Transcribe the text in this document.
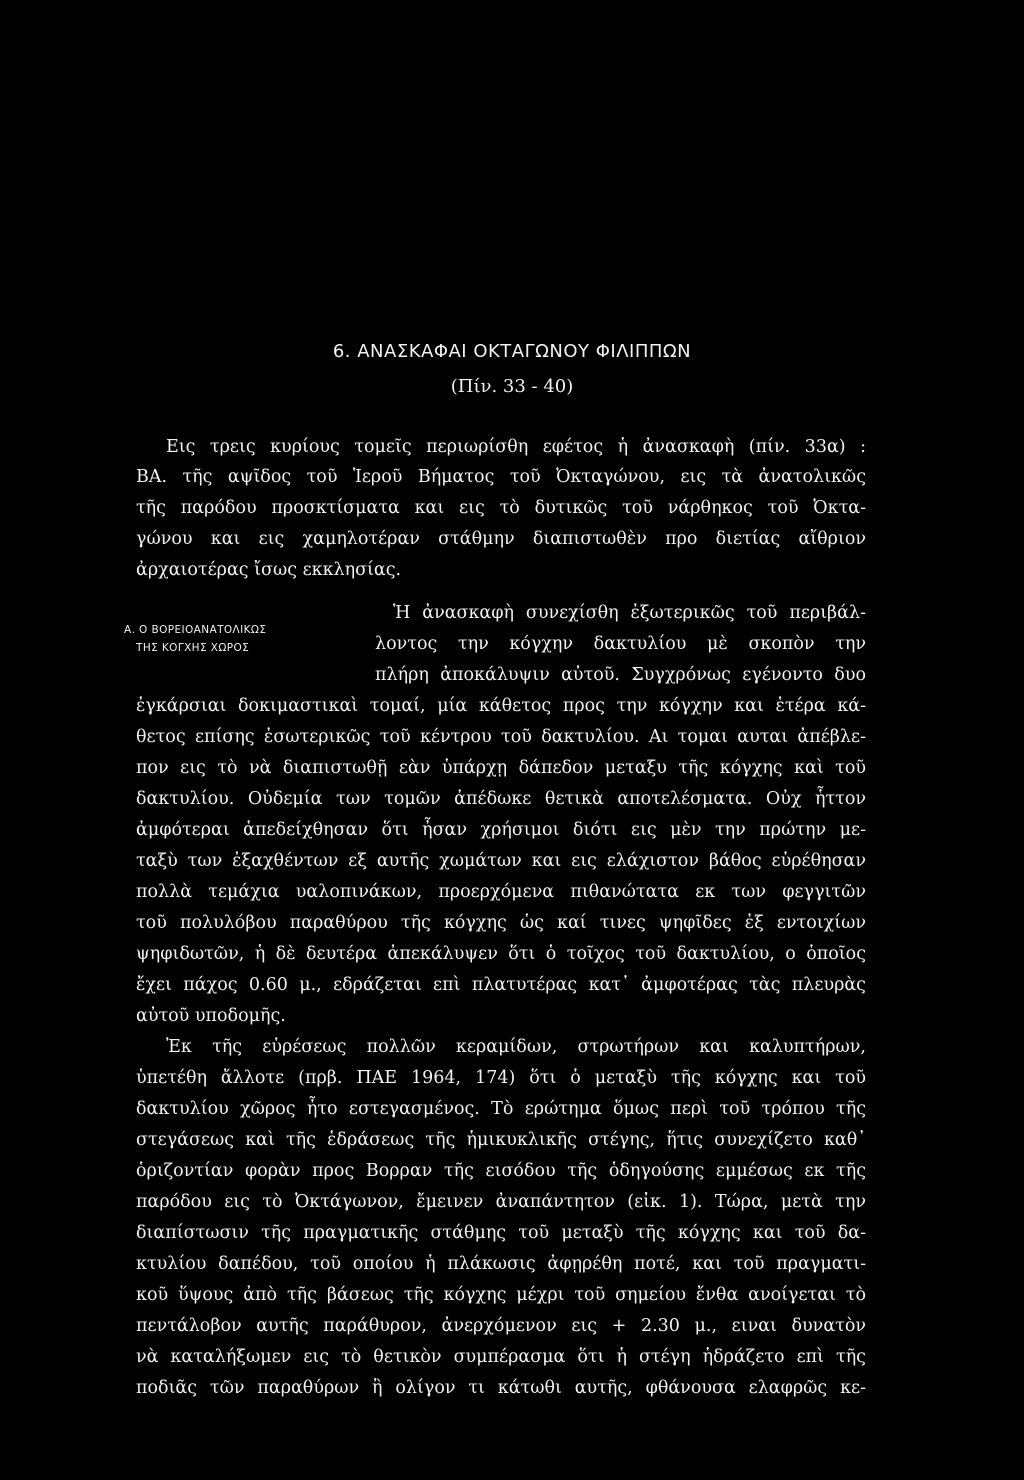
6. ΑΝΑΣΚΑΦΑΙ ΟΚΤΑΓΩΝΟΥ ΦΙΛΙΠΠΩΝ
(Πίν. 33 - 40)
Εις τρεις κυρίους τομεῖς περιωρίσθη εφέτος ἡ ἀνασκαφὴ (πίν. 33α) :
ΒΑ. τῆς αψῖδος τοῦ Ἱεροῦ Βήματος τοῦ Ὀκταγώνου, εις τὰ ἀνατολικῶς
τῆς παρόδου προσκτίσματα και εις τὸ δυτικῶς τοῦ νάρθηκος τοῦ Ὀκτα-
γώνου και εις χαμηλοτέραν στάθμην διαπιστωθὲν προ διετίας αἴθριον
ἀρχαιοτέρας ἴσως εκκλησίας.
Α. Ο ΒΟΡΕΙΟΑΝΑΤΟΛΙΚΩΣ
ΤΗΣ ΚΟΓΧΗΣ ΧΩΡΟΣ
Ἡ ἀνασκαφὴ συνεχίσθη ἐξωτερικῶς τοῦ περιβάλ-
λοντος την κόγχην δακτυλίου μὲ σκοπὸν την
πλήρη ἀποκάλυψιν αὐτοῦ. Συγχρόνως εγένοντο δυο
ἐγκάρσιαι δοκιμαστικαὶ τομαί, μία κάθετος προς την κόγχην και ἑτέρα κά-
θετος επίσης ἐσωτερικῶς τοῦ κέντρου τοῦ δακτυλίου. Αι τομαι αυται ἀπέβλε-
πον εις τὸ νὰ διαπιστωθῇ εὰν ὑπάρχῃ δάπεδον μεταξυ τῆς κόγχης καὶ τοῦ
δακτυλίου. Οὐδεμία των τομῶν ἀπέδωκε θετικὰ αποτελέσματα. Οὐχ ἧττον
ἀμφότεραι ἀπεδείχθησαν ὅτι ἦσαν χρήσιμοι διότι εις μὲν την πρώτην με-
ταξὺ των ἐξαχθέντων εξ αυτῆς χωμάτων και εις ελάχιστον βάθος εὑρέθησαν
πολλὰ τεμάχια υαλοπινάκων, προερχόμενα πιθανώτατα εκ των φεγγιτῶν
τοῦ πολυλόβου παραθύρου τῆς κόγχης ὡς καί τινες ψηφῖδες ἐξ εντοιχίων
ψηφιδωτῶν, ἡ δὲ δευτέρα ἀπεκάλυψεν ὅτι ὁ τοῖχος τοῦ δακτυλίου, ο ὁποῖος
ἔχει πάχος 0.60 μ., εδράζεται επὶ πλατυτέρας κατ᾽ ἀμφοτέρας τὰς πλευρὰς
αὐτοῦ υποδομῆς.
Ἐκ τῆς εὑρέσεως πολλῶν κεραμίδων, στρωτήρων και καλυπτήρων,
ὑπετέθη ἄλλοτε (πρβ. ΠΑΕ 1964, 174) ὅτι ὁ μεταξὺ τῆς κόγχης και τοῦ
δακτυλίου χῶρος ἦτο εστεγασμένος. Τὸ ερώτημα ὅμως περὶ τοῦ τρόπου τῆς
στεγάσεως καὶ τῆς ἑδράσεως τῆς ἡμικυκλικῆς στέγης, ἥτις συνεχίζετο καθ᾽
ὁριζοντίαν φορὰν προς Βορραν τῆς εισόδου τῆς ὁδηγούσης εμμέσως εκ τῆς
παρόδου εις τὸ Ὀκτάγωνον, ἔμεινεν ἀναπάντητον (εἰκ. 1). Τώρα, μετὰ την
διαπίστωσιν τῆς πραγματικῆς στάθμης τοῦ μεταξὺ τῆς κόγχης και τοῦ δα-
κτυλίου δαπέδου, τοῦ οποίου ἡ πλάκωσις ἀφῃρέθη ποτέ, και τοῦ πραγματι-
κοῦ ὕψους ἀπὸ τῆς βάσεως τῆς κόγχης μέχρι τοῦ σημείου ἔνθα ανοίγεται τὸ
πεντάλοβον αυτῆς παράθυρον, ἀνερχόμενον εις + 2.30 μ., ειναι δυνατὸν
νὰ καταλήξωμεν εις τὸ θετικὸν συμπέρασμα ὅτι ἡ στέγη ἡδράζετο επὶ τῆς
ποδιᾶς τῶν παραθύρων ἢ ολίγον τι κάτωθι αυτῆς, φθάνουσα ελαφρῶς κε-
